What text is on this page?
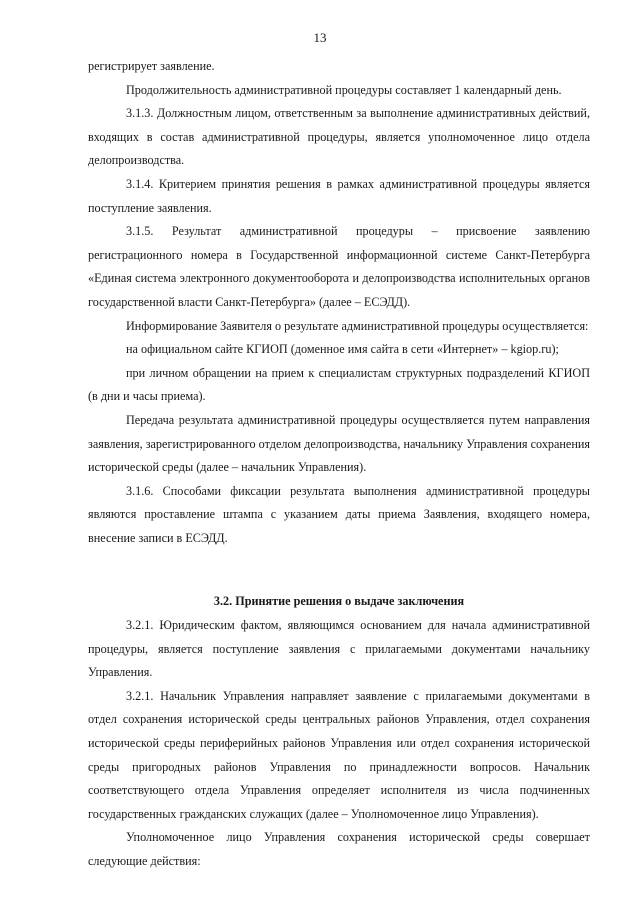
13

регистрирует заявление.

Продолжительность административной процедуры составляет 1 календарный день.

3.1.3. Должностным лицом, ответственным за выполнение административных действий, входящих в состав административной процедуры, является уполномоченное лицо отдела делопроизводства.

3.1.4. Критерием принятия решения в рамках административной процедуры является поступление заявления.

3.1.5. Результат административной процедуры – присвоение заявлению регистрационного номера в Государственной информационной системе Санкт-Петербурга «Единая система электронного документооборота и делопроизводства исполнительных органов государственной власти Санкт-Петербурга» (далее – ЕСЭДД).

Информирование Заявителя о результате административной процедуры осуществляется:

на официальном сайте КГИОП (доменное имя сайта в сети «Интернет» – kgiop.ru);

при личном обращении на прием к специалистам структурных подразделений КГИОП (в дни и часы приема).

Передача результата административной процедуры осуществляется путем направления заявления, зарегистрированного отделом делопроизводства, начальнику Управления сохранения исторической среды (далее – начальник Управления).

3.1.6. Способами фиксации результата выполнения административной процедуры являются проставление штампа с указанием даты приема Заявления, входящего номера, внесение записи в ЕСЭДД.

3.2. Принятие решения о выдаче заключения

3.2.1. Юридическим фактом, являющимся основанием для начала административной процедуры, является поступление заявления с прилагаемыми документами начальнику Управления.

3.2.1. Начальник Управления направляет заявление с прилагаемыми документами в отдел сохранения исторической среды центральных районов Управления, отдел сохранения исторической среды периферийных районов Управления или отдел сохранения исторической среды пригородных районов Управления по принадлежности вопросов. Начальник соответствующего отдела Управления определяет исполнителя из числа подчиненных государственных гражданских служащих (далее – Уполномоченное лицо Управления).

Уполномоченное лицо Управления сохранения исторической среды совершает следующие действия:
